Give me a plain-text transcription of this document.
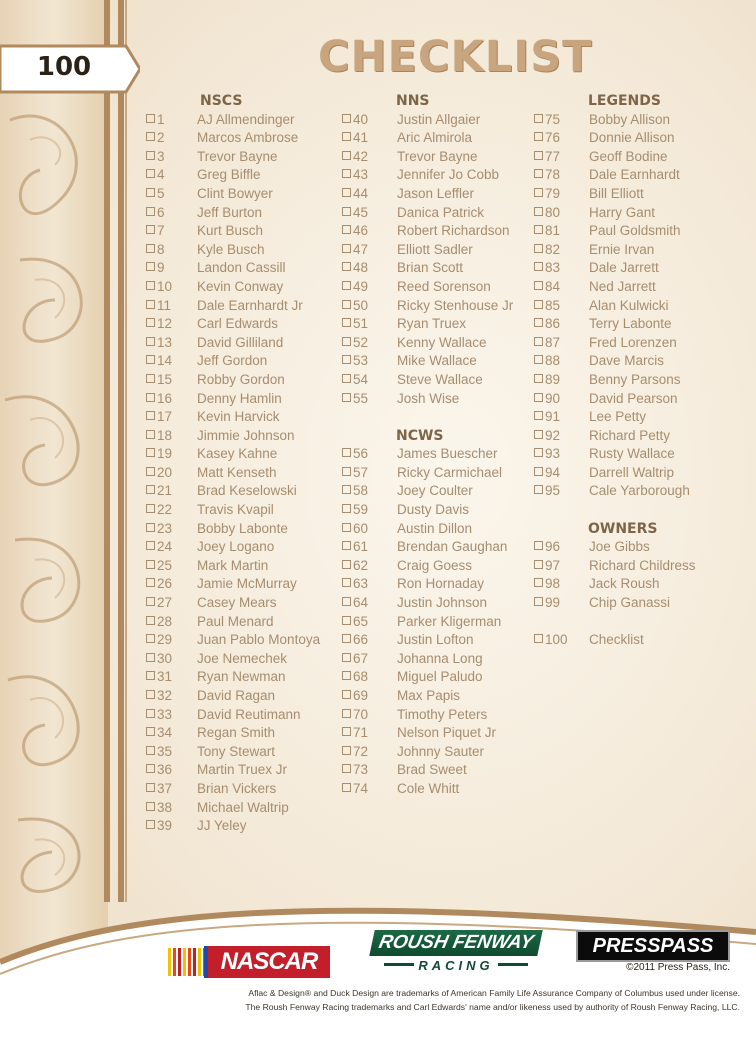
100	CHECKLIST
NSCS
1 AJ Allmendinger
2 Marcos Ambrose
3 Trevor Bayne
4 Greg Biffle
5 Clint Bowyer
6 Jeff Burton
7 Kurt Busch
8 Kyle Busch
9 Landon Cassill
10 Kevin Conway
11 Dale Earnhardt Jr
12 Carl Edwards
13 David Gilliland
14 Jeff Gordon
15 Robby Gordon
16 Denny Hamlin
17 Kevin Harvick
18 Jimmie Johnson
19 Kasey Kahne
20 Matt Kenseth
21 Brad Keselowski
22 Travis Kvapil
23 Bobby Labonte
24 Joey Logano
25 Mark Martin
26 Jamie McMurray
27 Casey Mears
28 Paul Menard
29 Juan Pablo Montoya
30 Joe Nemechek
31 Ryan Newman
32 David Ragan
33 David Reutimann
34 Regan Smith
35 Tony Stewart
36 Martin Truex Jr
37 Brian Vickers
38 Michael Waltrip
39 JJ Yeley
NNS
40 Justin Allgaier
41 Aric Almirola
42 Trevor Bayne
43 Jennifer Jo Cobb
44 Jason Leffler
45 Danica Patrick
46 Robert Richardson
47 Elliott Sadler
48 Brian Scott
49 Reed Sorenson
50 Ricky Stenhouse Jr
51 Ryan Truex
52 Kenny Wallace
53 Mike Wallace
54 Steve Wallace
55 Josh Wise
NCWS
56 James Buescher
57 Ricky Carmichael
58 Joey Coulter
59 Dusty Davis
60 Austin Dillon
61 Brendan Gaughan
62 Craig Goess
63 Ron Hornaday
64 Justin Johnson
65 Parker Kligerman
66 Justin Lofton
67 Johanna Long
68 Miguel Paludo
69 Max Papis
70 Timothy Peters
71 Nelson Piquet Jr
72 Johnny Sauter
73 Brad Sweet
74 Cole Whitt
LEGENDS
75 Bobby Allison
76 Donnie Allison
77 Geoff Bodine
78 Dale Earnhardt
79 Bill Elliott
80 Harry Gant
81 Paul Goldsmith
82 Ernie Irvan
83 Dale Jarrett
84 Ned Jarrett
85 Alan Kulwicki
86 Terry Labonte
87 Fred Lorenzen
88 Dave Marcis
89 Benny Parsons
90 David Pearson
91 Lee Petty
92 Richard Petty
93 Rusty Wallace
94 Darrell Waltrip
95 Cale Yarborough
OWNERS
96 Joe Gibbs
97 Richard Childress
98 Jack Roush
99 Chip Ganassi
100 Checklist
NASCAR
ROUSH FENWAY
RACING
PRESSPASS
©2011 Press Pass, Inc.
Aflac & Design® and Duck Design are trademarks of American Family Life Assurance Company of Columbus used under license.
The Roush Fenway Racing trademarks and Carl Edwards' name and/or likeness used by authority of Roush Fenway Racing, LLC.
